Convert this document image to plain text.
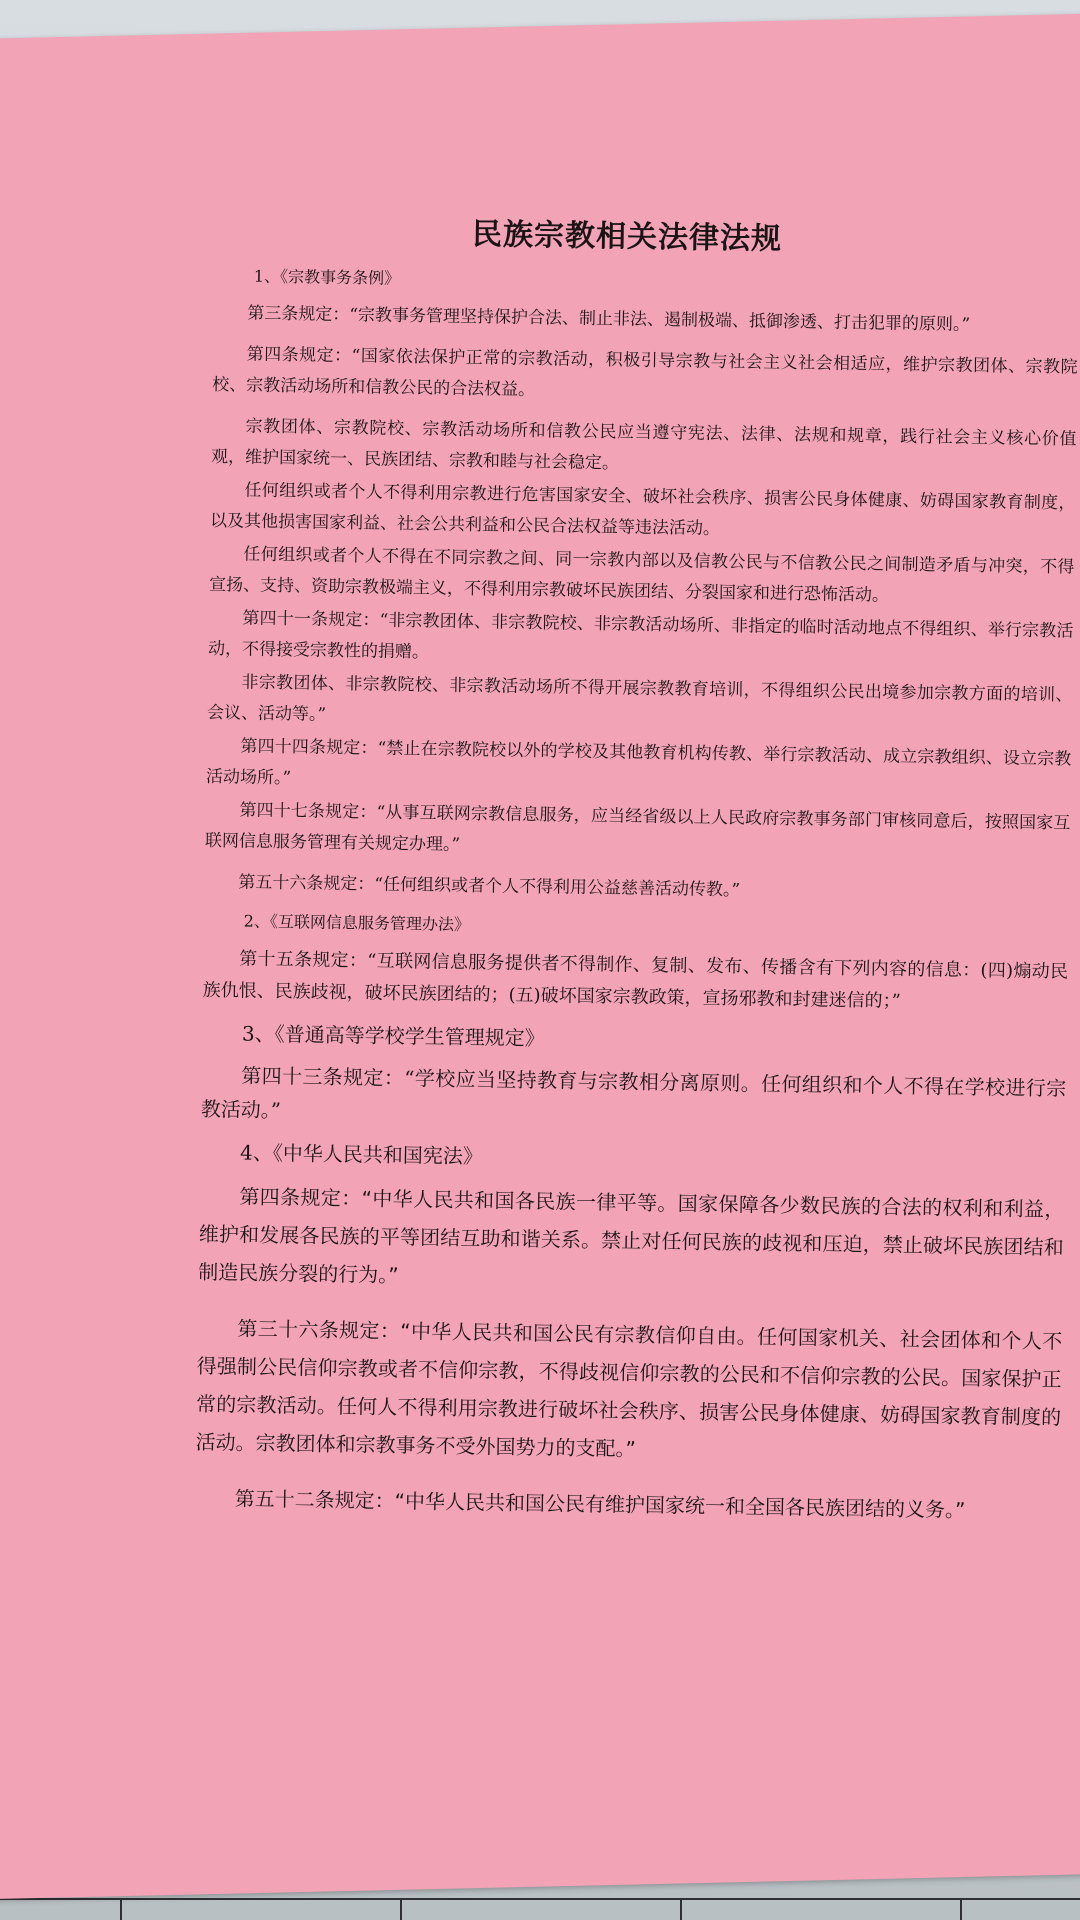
民族宗教相关法律法规
1、《宗教事务条例》

第三条规定：“宗教事务管理坚持保护合法、制止非法、遏制极端、抵御渗透、打击犯罪的原则。”

第四条规定：“国家依法保护正常的宗教活动，积极引导宗教与社会主义社会相适应，维护宗教团体、宗教院校、宗教活动场所和信教公民的合法权益。

宗教团体、宗教院校、宗教活动场所和信教公民应当遵守宪法、法律、法规和规章，践行社会主义核心价值观，维护国家统一、民族团结、宗教和睦与社会稳定。

任何组织或者个人不得利用宗教进行危害国家安全、破坏社会秩序、损害公民身体健康、妨碍国家教育制度，以及其他损害国家利益、社会公共利益和公民合法权益等违法活动。

任何组织或者个人不得在不同宗教之间、同一宗教内部以及信教公民与不信教公民之间制造矛盾与冲突，不得宣扬、支持、资助宗教极端主义，不得利用宗教破坏民族团结、分裂国家和进行恐怖活动。

第四十一条规定：“非宗教团体、非宗教院校、非宗教活动场所、非指定的临时活动地点不得组织、举行宗教活动，不得接受宗教性的捐赠。

非宗教团体、非宗教院校、非宗教活动场所不得开展宗教教育培训，不得组织公民出境参加宗教方面的培训、会议、活动等。”

第四十四条规定：“禁止在宗教院校以外的学校及其他教育机构传教、举行宗教活动、成立宗教组织、设立宗教活动场所。”

第四十七条规定：“从事互联网宗教信息服务，应当经省级以上人民政府宗教事务部门审核同意后，按照国家互联网信息服务管理有关规定办理。”

第五十六条规定：“任何组织或者个人不得利用公益慈善活动传教。”

2、《互联网信息服务管理办法》

第十五条规定：“互联网信息服务提供者不得制作、复制、发布、传播含有下列内容的信息：(四)煽动民族仇恨、民族歧视，破坏民族团结的；(五)破坏国家宗教政策，宣扬邪教和封建迷信的；”

3、《普通高等学校学生管理规定》

第四十三条规定：“学校应当坚持教育与宗教相分离原则。任何组织和个人不得在学校进行宗教活动。”

4、《中华人民共和国宪法》

第四条规定：“中华人民共和国各民族一律平等。国家保障各少数民族的合法的权利和利益，维护和发展各民族的平等团结互助和谐关系。禁止对任何民族的歧视和压迫，禁止破坏民族团结和制造民族分裂的行为。”

第三十六条规定：“中华人民共和国公民有宗教信仰自由。任何国家机关、社会团体和个人不得强制公民信仰宗教或者不信仰宗教，不得歧视信仰宗教的公民和不信仰宗教的公民。国家保护正常的宗教活动。任何人不得利用宗教进行破坏社会秩序、损害公民身体健康、妨碍国家教育制度的活动。宗教团体和宗教事务不受外国势力的支配。”

第五十二条规定：“中华人民共和国公民有维护国家统一和全国各民族团结的义务。”
